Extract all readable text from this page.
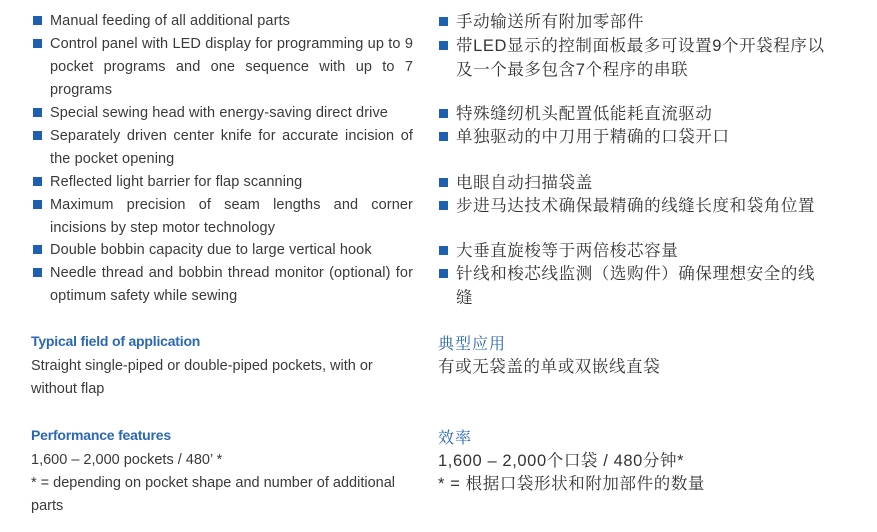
Manual feeding of all additional parts
Control panel with LED display for programming up to 9 pocket programs and one sequence with up to 7 programs
Special sewing head with energy-saving direct drive
Separately driven center knife for accurate incision of the pocket opening
Reflected light barrier for flap scanning
Maximum precision of seam lengths and corner incisions by step motor technology
Double bobbin capacity due to large vertical hook
Needle thread and bobbin thread monitor (optional) for optimum safety while sewing
Typical field of application
Straight single-piped or double-piped pockets, with or without flap
Performance features
1,600 – 2,000 pockets / 480’ *
* = depending on pocket shape and number of additional parts
手动输送所有附加零部件
带LED显示的控制面板最多可设置9个开袋程序以及一个最多包含7个程序的串联
特殊缝纫机头配置低能耗直流驱动
单独驱动的中刀用于精确的口袋开口
电眼自动扫描袋盖
步进马达技术确保最精确的线缝长度和袋角位置
大垂直旋梭等于两倍梭芯容量
针线和梭芯线监测（选购件）确保理想安全的线缝
典型应用
有或无袋盖的单或双嵌线直袋
效率
1,600 – 2,000个口袋 / 480分钟*
* = 根据口袋形状和附加部件的数量
